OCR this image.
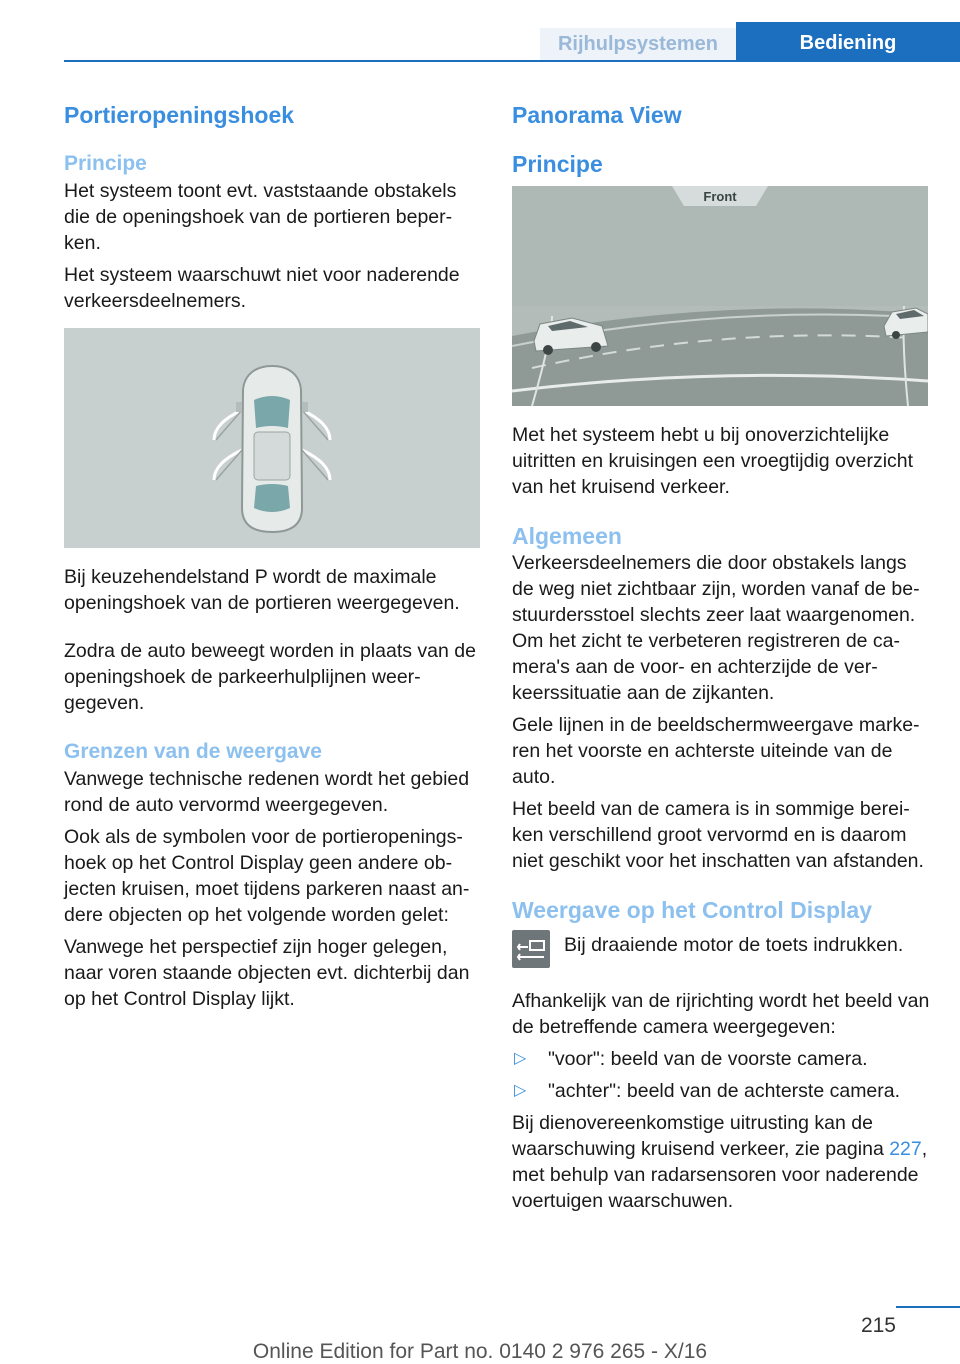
Rijhulpsystemen	Bediening
Portieropeningshoek
Principe

Het systeem toont evt. vaststaande obstakels die de openingshoek van de portieren beperken.

Het systeem waarschuwt niet voor naderende verkeersdeelnemers.

Bij keuzehendelstand P wordt de maximale openingshoek van de portieren weergegeven.

Zodra de auto beweegt worden in plaats van de openingshoek de parkeerhulplijnen weergegeven.

Grenzen van de weergave

Vanwege technische redenen wordt het gebied rond de auto vervormd weergegeven.

Ook als de symbolen voor de portieropeningshoek op het Control Display geen andere objecten kruisen, moet tijdens parkeren naast andere objecten op het volgende worden gelet:

Vanwege het perspectief zijn hoger gelegen, naar voren staande objecten evt. dichterbij dan op het Control Display lijkt.

Panorama View
Principe
Front

Met het systeem hebt u bij onoverzichtelijke uitritten en kruisingen een vroegtijdig overzicht van het kruisend verkeer.

Algemeen

Verkeersdeelnemers die door obstakels langs de weg niet zichtbaar zijn, worden vanaf de bestuurdersstoel slechts zeer laat waargenomen. Om het zicht te verbeteren registreren de camera's aan de voor- en achterzijde de verkeerssituatie aan de zijkanten.

Gele lijnen in de beeldschermweergave markeren het voorste en achterste uiteinde van de auto.

Het beeld van de camera is in sommige bereiken verschillend groot vervormd en is daarom niet geschikt voor het inschatten van afstanden.

Weergave op het Control Display

Bij draaiende motor de toets indrukken.

Afhankelijk van de rijrichting wordt het beeld van de betreffende camera weergegeven:

▷	"voor": beeld van de voorste camera.
▷	"achter": beeld van de achterste camera.

Bij dienovereenkomstige uitrusting kan de waarschuwing kruisend verkeer, zie pagina 227, met behulp van radarsensoren voor naderende voertuigen waarschuwen.

215
Online Edition for Part no. 0140 2 976 265 - X/16
